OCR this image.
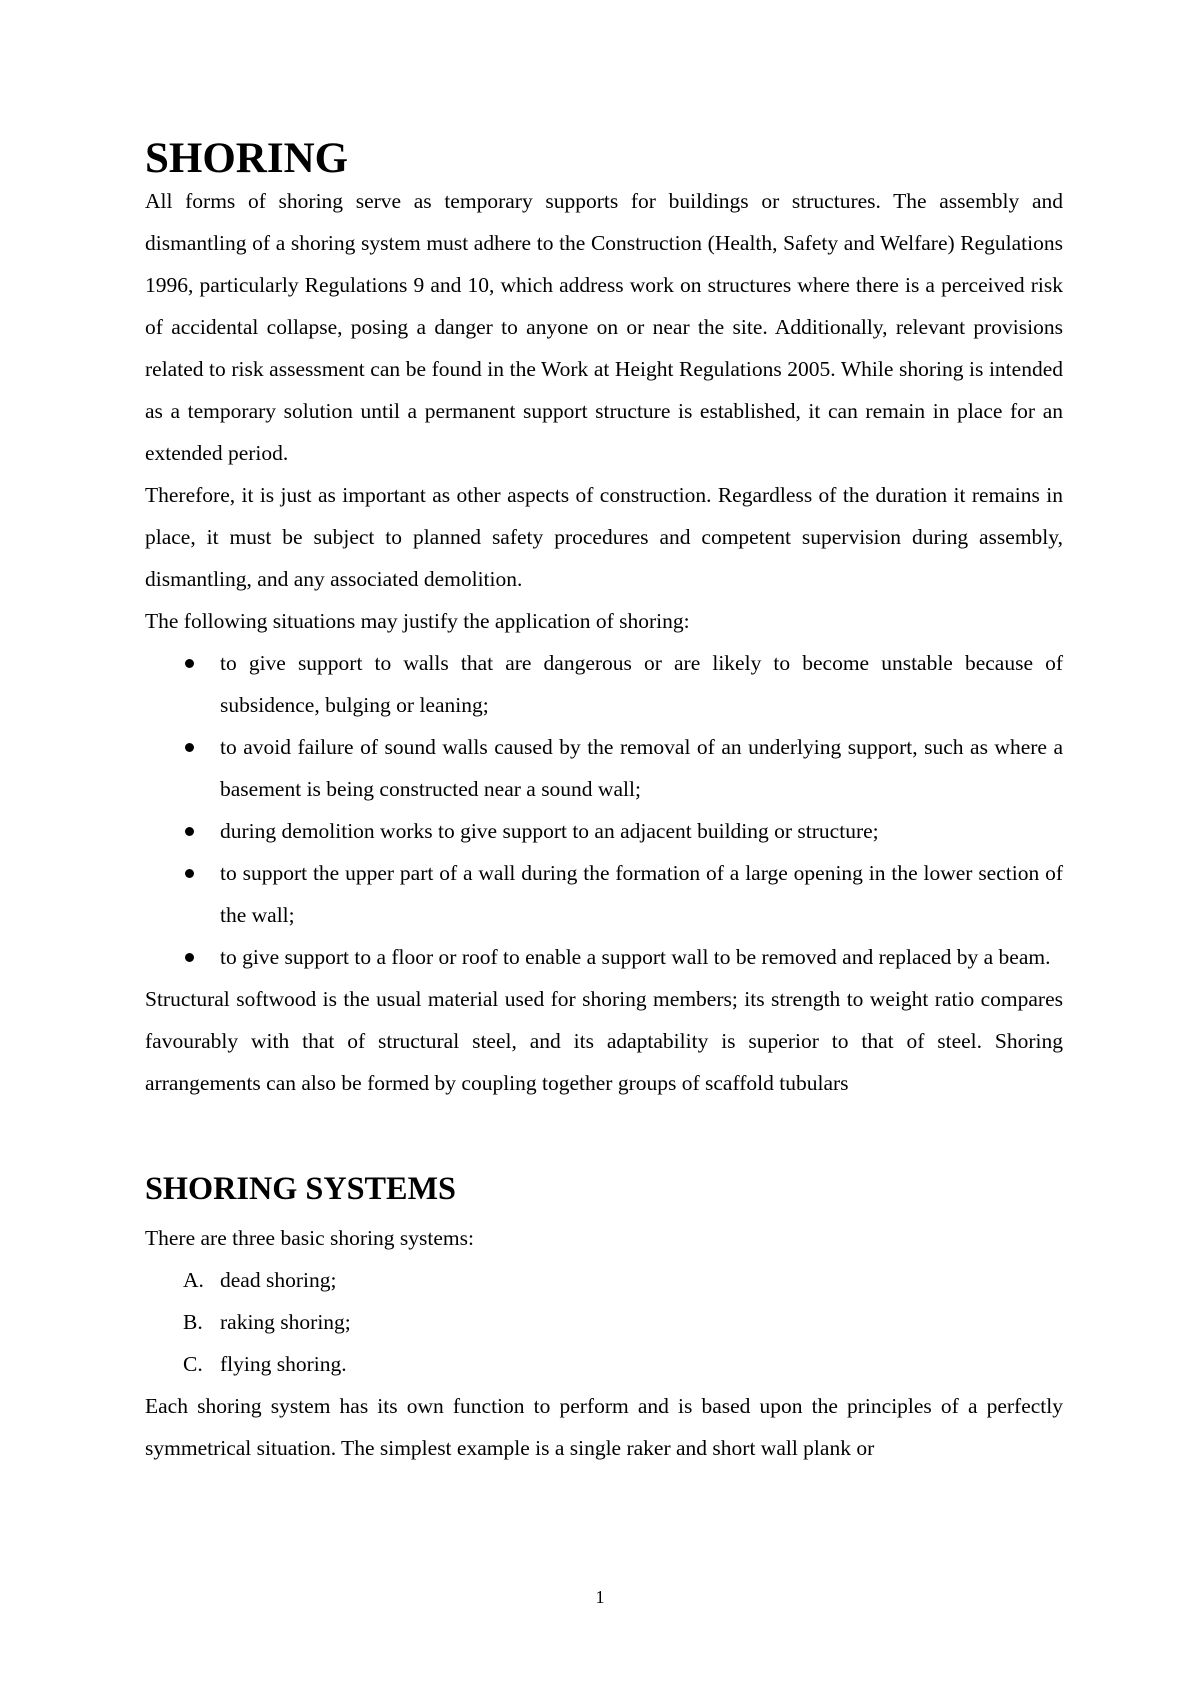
SHORING

All forms of shoring serve as temporary supports for buildings or structures. The assembly and dismantling of a shoring system must adhere to the Construction (Health, Safety and Welfare) Regulations 1996, particularly Regulations 9 and 10, which address work on structures where there is a perceived risk of accidental collapse, posing a danger to anyone on or near the site. Additionally, relevant provisions related to risk assessment can be found in the Work at Height Regulations 2005. While shoring is intended as a temporary solution until a permanent support structure is established, it can remain in place for an extended period.

Therefore, it is just as important as other aspects of construction. Regardless of the duration it remains in place, it must be subject to planned safety procedures and competent supervision during assembly, dismantling, and any associated demolition.

The following situations may justify the application of shoring:

to give support to walls that are dangerous or are likely to become unstable because of subsidence, bulging or leaning;
to avoid failure of sound walls caused by the removal of an underlying support, such as where a basement is being constructed near a sound wall;
during demolition works to give support to an adjacent building or structure;
to support the upper part of a wall during the formation of a large opening in the lower section of the wall;
to give support to a floor or roof to enable a support wall to be removed and replaced by a beam.

Structural softwood is the usual material used for shoring members; its strength to weight ratio compares favourably with that of structural steel, and its adaptability is superior to that of steel. Shoring arrangements can also be formed by coupling together groups of scaffold tubulars

SHORING SYSTEMS

There are three basic shoring systems:

A. dead shoring;
B. raking shoring;
C. flying shoring.

Each shoring system has its own function to perform and is based upon the principles of a perfectly symmetrical situation. The simplest example is a single raker and short wall plank or

1
